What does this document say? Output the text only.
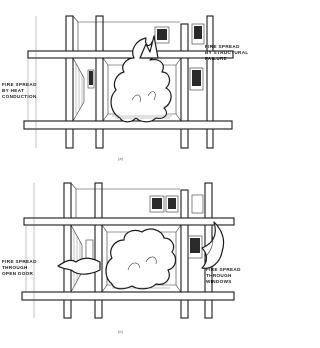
FIRE SPREAD
BY STRUCTURAL
FAILURE
FIRE SPREAD
BY HEAT
CONDUCTION
(a)
FIRE SPREAD
THROUGH
OPEN DOOR
FIRE SPREAD
THROUGH
WINDOWS
(b)
